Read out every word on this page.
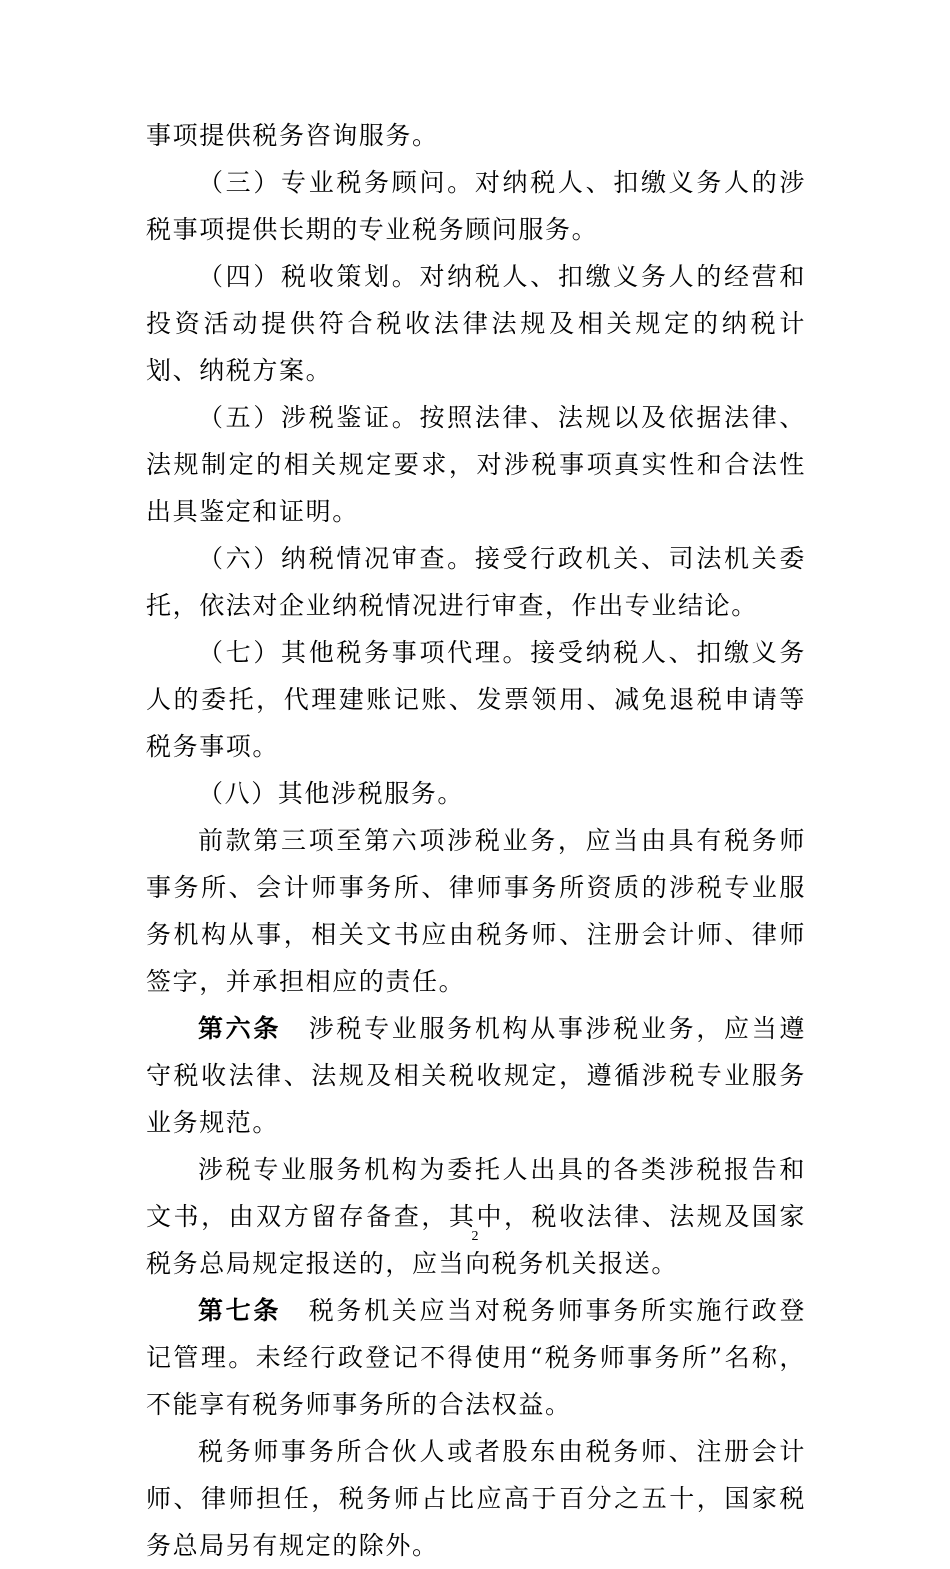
事项提供税务咨询服务。

（三）专业税务顾问。对纳税人、扣缴义务人的涉税事项提供长期的专业税务顾问服务。

（四）税收策划。对纳税人、扣缴义务人的经营和投资活动提供符合税收法律法规及相关规定的纳税计划、纳税方案。

（五）涉税鉴证。按照法律、法规以及依据法律、法规制定的相关规定要求，对涉税事项真实性和合法性出具鉴定和证明。

（六）纳税情况审查。接受行政机关、司法机关委托，依法对企业纳税情况进行审查，作出专业结论。

（七）其他税务事项代理。接受纳税人、扣缴义务人的委托，代理建账记账、发票领用、减免退税申请等税务事项。

（八）其他涉税服务。

前款第三项至第六项涉税业务，应当由具有税务师事务所、会计师事务所、律师事务所资质的涉税专业服务机构从事，相关文书应由税务师、注册会计师、律师签字，并承担相应的责任。

第六条　涉税专业服务机构从事涉税业务，应当遵守税收法律、法规及相关税收规定，遵循涉税专业服务业务规范。

涉税专业服务机构为委托人出具的各类涉税报告和文书，由双方留存备查，其中，税收法律、法规及国家税务总局规定报送的，应当向税务机关报送。

第七条　税务机关应当对税务师事务所实施行政登记管理。未经行政登记不得使用“税务师事务所”名称，不能享有税务师事务所的合法权益。

税务师事务所合伙人或者股东由税务师、注册会计师、律师担任，税务师占比应高于百分之五十，国家税务总局另有规定的除外。

2
